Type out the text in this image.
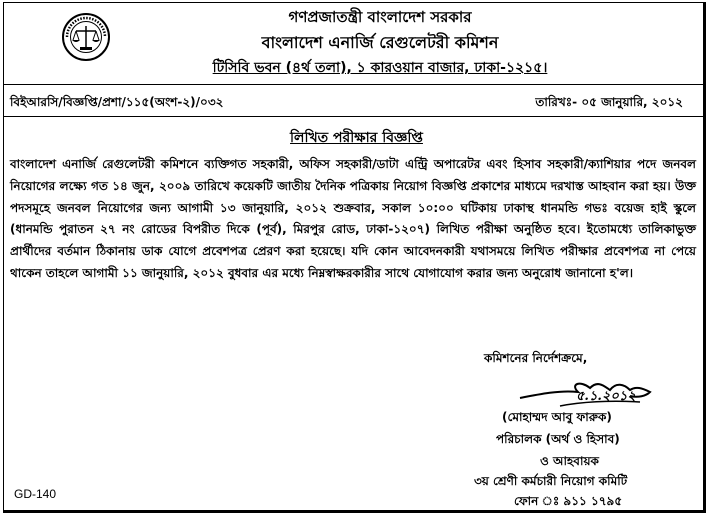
গণপ্রজাতন্ত্রী বাংলাদেশ সরকার
বাংলাদেশ এনার্জি রেগুলেটরী কমিশন
টিসিবি ভবন (৪র্থ তলা), ১ কারওয়ান বাজার, ঢাকা-১২১৫।
বিইআরসি/বিজ্ঞপ্তি/প্রশা/১১৫(অংশ-২)/০৩২	তারিখঃ- ০৫ জানুয়ারি, ২০১২
লিখিত পরীক্ষার বিজ্ঞপ্তি
বাংলাদেশ এনার্জি রেগুলেটরী কমিশনে ব্যক্তিগত সহকারী, অফিস সহকারী/ডাটা এন্ট্রি অপারেটর এবং হিসাব সহকারী/ক্যাশিয়ার পদে জনবল নিয়োগের লক্ষ্যে গত ১৪ জুন, ২০০৯ তারিখে কয়েকটি জাতীয় দৈনিক পত্রিকায় নিয়োগ বিজ্ঞপ্তি প্রকাশের মাধ্যমে দরখাস্ত আহবান করা হয়। উক্ত পদসমূহে জনবল নিয়োগের জন্য আগামী ১৩ জানুয়ারি, ২০১২ শুক্রবার, সকাল ১০:০০ ঘটিকায় ঢাকাস্থ ধানমন্ডি গভঃ বয়েজ হাই স্কুলে (ধানমন্ডি পুরাতন ২৭ নং রোডের বিপরীত দিকে (পূর্ব), মিরপুর রোড, ঢাকা-১২০৭) লিখিত পরীক্ষা অনুষ্ঠিত হবে। ইতোমধ্যে তালিকাভুক্ত প্রার্থীদের বর্তমান ঠিকানায় ডাক যোগে প্রবেশপত্র প্রেরণ করা হয়েছে। যদি কোন আবেদনকারী যথাসময়ে লিখিত পরীক্ষার প্রবেশপত্র না পেয়ে থাকেন তাহলে আগামী ১১ জানুয়ারি, ২০১২ বুধবার এর মধ্যে নিম্নস্বাক্ষরকারীর সাথে যোগাযোগ করার জন্য অনুরোধ জানানো হ'ল।
কমিশনের নির্দেশক্রমে,
৫.১.২০১২
(মোহাম্মদ আবু ফারুক)
পরিচালক (অর্থ ও হিসাব)
ও আহবায়ক
৩য় শ্রেণী কর্মচারী নিয়োগ কমিটি
ফোন ঃ ৯১১ ১৭৯৫
GD-140
